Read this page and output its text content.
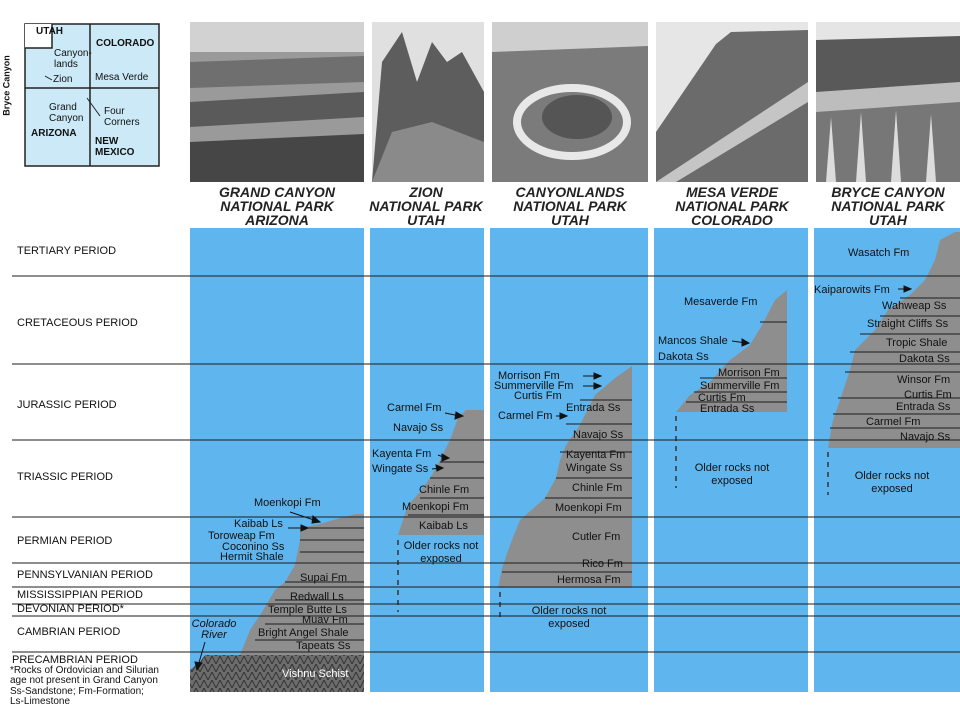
Bryce Canyon
UTAH
COLORADO
ARIZONA
NEW MEXICO
Canyon-lands
Zion Mesa Verde
Grand Canyon
Four Corners
GRAND CANYON
NATIONAL PARK
ARIZONA
ZION
NATIONAL PARK
UTAH
CANYONLANDS
NATIONAL PARK
UTAH
MESA VERDE
NATIONAL PARK
COLORADO
BRYCE CANYON
NATIONAL PARK
UTAH
TERTIARY PERIOD
CRETACEOUS PERIOD
JURASSIC PERIOD
TRIASSIC PERIOD
PERMIAN PERIOD
PENNSYLVANIAN PERIOD
MISSISSIPPIAN PERIOD
DEVONIAN PERIOD*
CAMBRIAN PERIOD
PRECAMBRIAN PERIOD
Moenkopi Fm
Kaibab Ls
Toroweap Fm
Coconino Ss
Hermit Shale
Supai Fm
Redwall Ls
Temple Butte Ls
Muav Fm
Bright Angel Shale
Tapeats Ss
Vishnu Schist
Colorado River
Carmel Fm
Navajo Ss
Kayenta Fm
Wingate Ss
Chinle Fm
Moenkopi Fm
Kaibab Ls
Older rocks not exposed
Morrison Fm
Summerville Fm
Curtis Fm
Entrada Ss
Carmel Fm
Navajo Ss
Kayenta Fm
Wingate Ss
Chinle Fm
Moenkopi Fm
Cutler Fm
Rico Fm
Hermosa Fm
Older rocks not exposed
Mesaverde Fm
Mancos Shale
Dakota Ss
Morrison Fm
Summerville Fm
Curtis Fm
Entrada Ss
Older rocks not exposed
Wasatch Fm
Kaiparowits Fm
Wahweap Ss
Straight Cliffs Ss
Tropic Shale
Dakota Ss
Winsor Fm
Curtis Fm
Entrada Ss
Carmel Fm
Navajo Ss
Older rocks not exposed
*Rocks of Ordovician and Silurian
age not present in Grand Canyon
Ss-Sandstone; Fm-Formation;
Ls-Limestone
